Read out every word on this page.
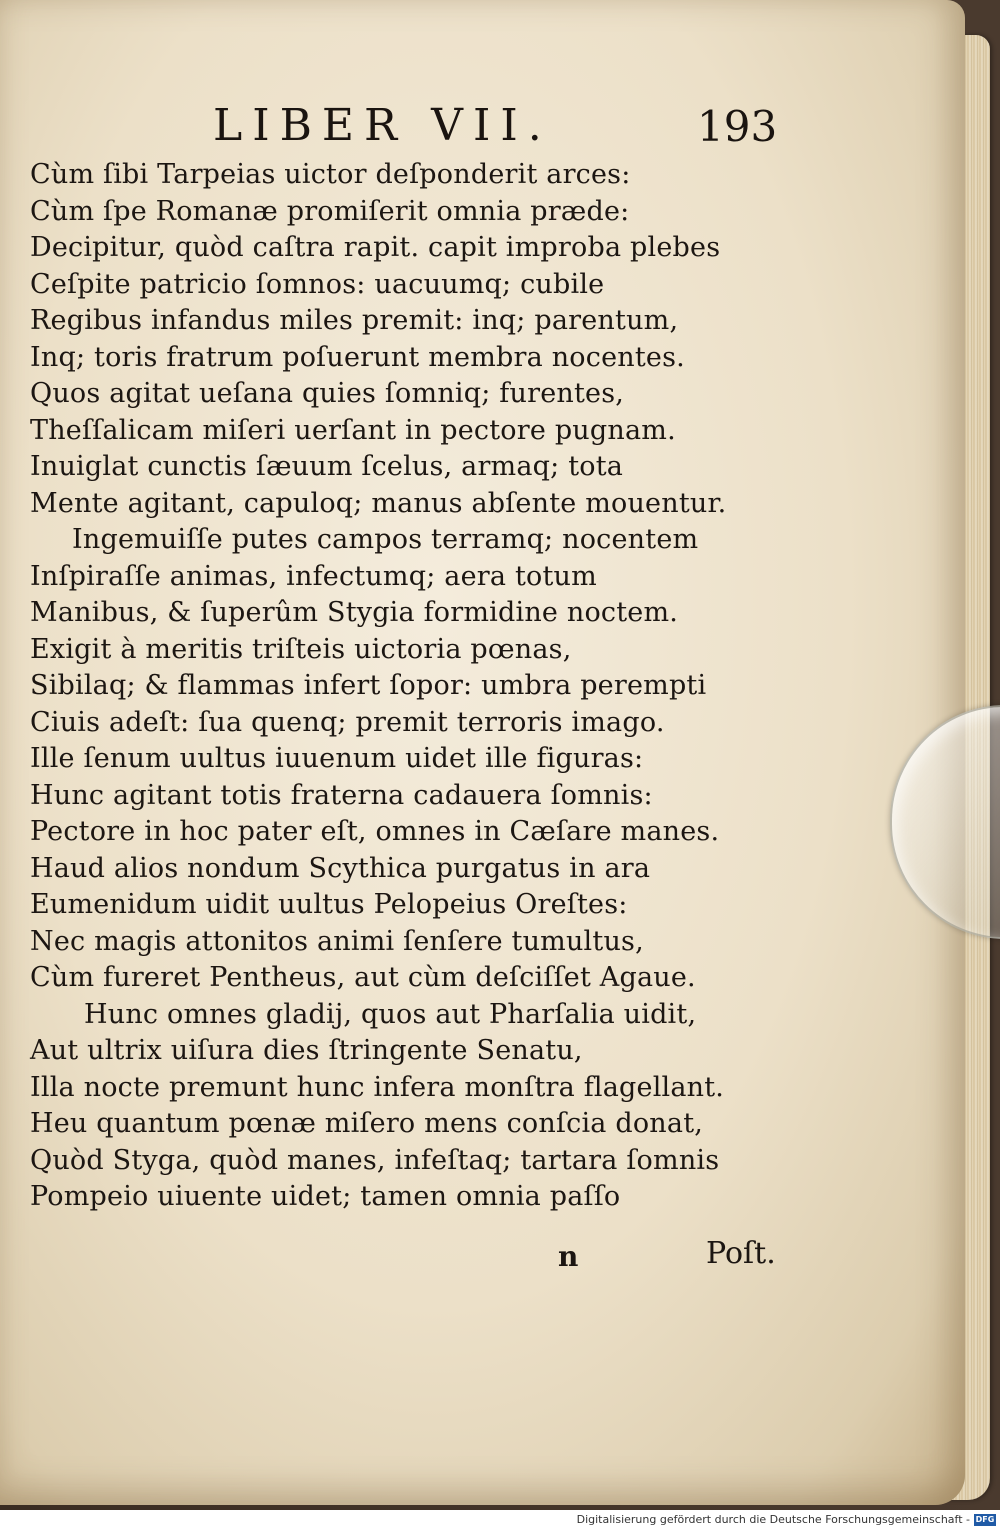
LIBER VII.	193
Cùm ſibi Tarpeias uictor deſponderit arces:
Cùm ſpe Romanæ promiſerit omnia præde:
Decipitur, quòd caſtra rapit. capit improba plebes
Ceſpite patricio ſomnos: uacuumq; cubile
Regibus infandus miles premit: inq; parentum,
Inq; toris fratrum poſuerunt membra nocentes.
Quos agitat ueſana quies ſomniq; furentes,
Theſſalicam miſeri uerſant in pectore pugnam.
Inuiglat cunctis ſæuum ſcelus, armaq; tota
Mente agitant, capuloq; manus abſente mouentur.
Ingemuiſſe putes campos terramq; nocentem
Inſpiraſſe animas, infectumq; aera totum
Manibus, & ſuperûm Stygia formidine noctem.
Exigit à meritis triſteis uictoria pœnas,
Sibilaq; & flammas infert ſopor: umbra perempti
Ciuis adeſt: ſua quenq; premit terroris imago.
Ille ſenum uultus iuuenum uidet ille figuras:
Hunc agitant totis fraterna cadauera ſomnis:
Pectore in hoc pater eſt, omnes in Cæſare manes.
Haud alios nondum Scythica purgatus in ara
Eumenidum uidit uultus Pelopeius Oreſtes:
Nec magis attonitos animi ſenſere tumultus,
Cùm fureret Pentheus, aut cùm deſciſſet Agaue.
Hunc omnes gladij, quos aut Pharſalia uidit,
Aut ultrix uiſura dies ſtringente Senatu,
Illa nocte premunt hunc infera monſtra flagellant.
Heu quantum pœnæ miſero mens conſcia donat,
Quòd Styga, quòd manes, infeſtaq; tartara ſomnis
Pompeio uiuente uidet; tamen omnia paſſo
n	Poſt.
Digitalisierung gefördert durch die Deutsche Forschungsgemeinschaft - DFG
